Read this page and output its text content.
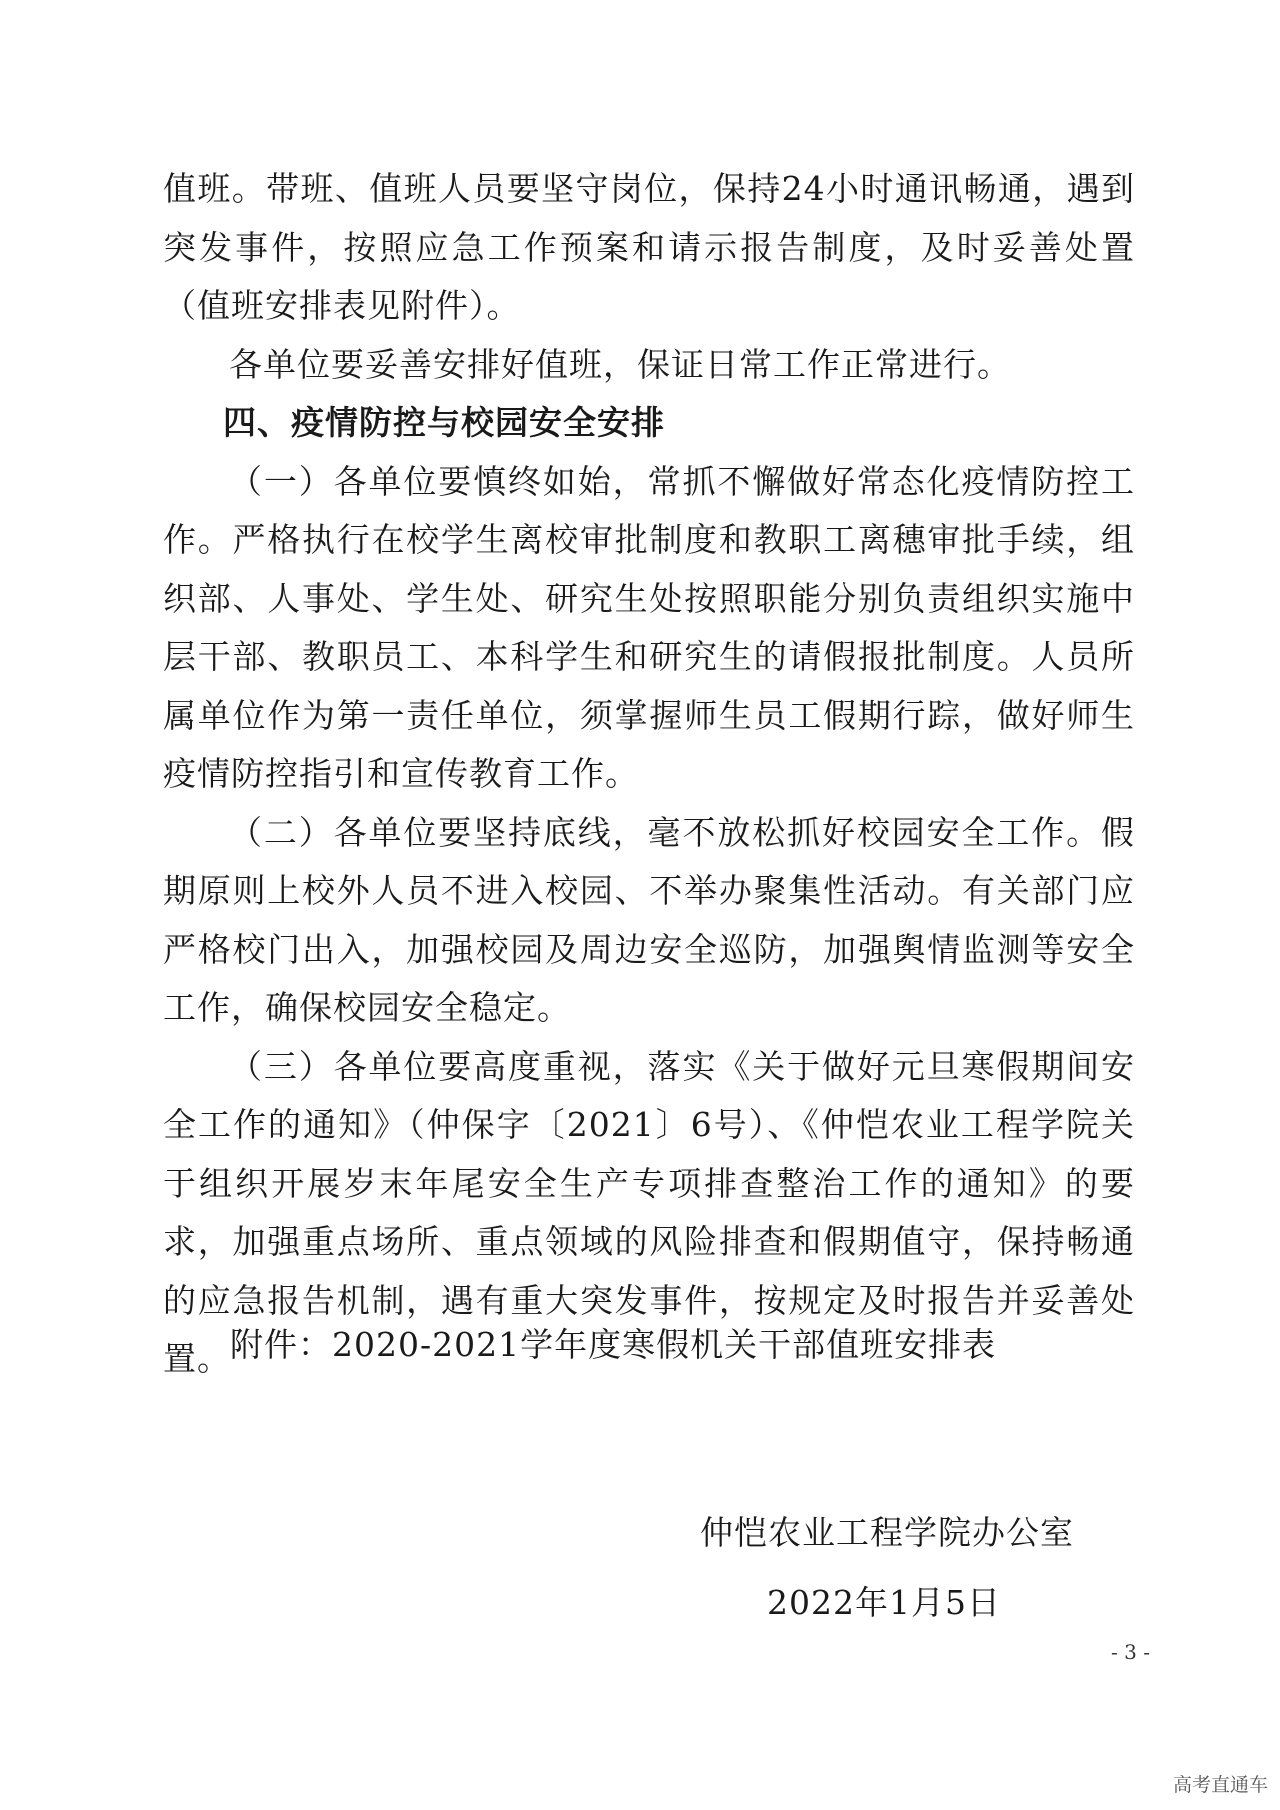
值班。带班、值班人员要坚守岗位，保持24小时通讯畅通，遇到突发事件，按照应急工作预案和请示报告制度，及时妥善处置（值班安排表见附件）。

各单位要妥善安排好值班，保证日常工作正常进行。

四、疫情防控与校园安全安排

（一）各单位要慎终如始，常抓不懈做好常态化疫情防控工作。严格执行在校学生离校审批制度和教职工离穗审批手续，组织部、人事处、学生处、研究生处按照职能分别负责组织实施中层干部、教职员工、本科学生和研究生的请假报批制度。人员所属单位作为第一责任单位，须掌握师生员工假期行踪，做好师生疫情防控指引和宣传教育工作。

（二）各单位要坚持底线，毫不放松抓好校园安全工作。假期原则上校外人员不进入校园、不举办聚集性活动。有关部门应严格校门出入，加强校园及周边安全巡防，加强舆情监测等安全工作，确保校园安全稳定。

（三）各单位要高度重视，落实《关于做好元旦寒假期间安全工作的通知》（仲保字〔2021〕6号）、《仲恺农业工程学院关于组织开展岁末年尾安全生产专项排查整治工作的通知》的要求，加强重点场所、重点领域的风险排查和假期值守，保持畅通的应急报告机制，遇有重大突发事件，按规定及时报告并妥善处置。 附件：2020-2021学年度寒假机关干部值班安排表
仲恺农业工程学院办公室
2022年1月5日
- 3 -
高考直通车
